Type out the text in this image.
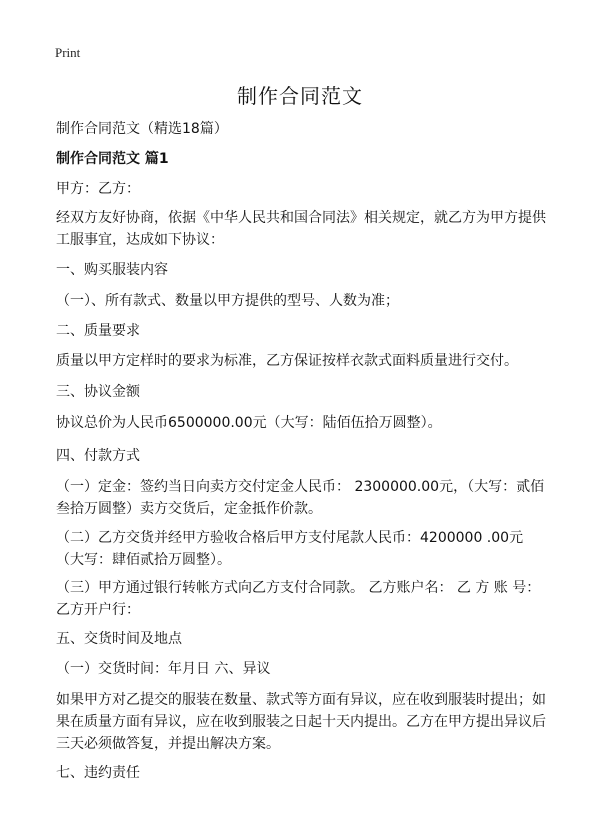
Print
制作合同范文

制作合同范文（精选18篇）

制作合同范文 篇1

甲方：乙方：

经双方友好协商，依据《中华人民共和国合同法》相关规定，就乙方为甲方提供工服事宜，达成如下协议：

一、购买服装内容

（一）、所有款式、数量以甲方提供的型号、人数为准；

二、质量要求

质量以甲方定样时的要求为标准，乙方保证按样衣款式面料质量进行交付。

三、协议金额

协议总价为人民币6500000.00元（大写：陆佰伍拾万圆整）。

四、付款方式

（一）定金：签约当日向卖方交付定金人民币： 2300000.00元，（大写：贰佰叁拾万圆整）卖方交货后，定金抵作价款。

（二）乙方交货并经甲方验收合格后甲方支付尾款人民币：4200000 .00元（大写：肆佰贰拾万圆整）。

（三）甲方通过银行转帐方式向乙方支付合同款。 乙方账户名： 乙 方 账 号： 乙方开户行：

五、交货时间及地点

（一）交货时间：年月日 六、异议

如果甲方对乙提交的服装在数量、款式等方面有异议，应在收到服装时提出；如果在质量方面有异议，应在收到服装之日起十天内提出。乙方在甲方提出异议后三天必须做答复，并提出解决方案。

七、违约责任
